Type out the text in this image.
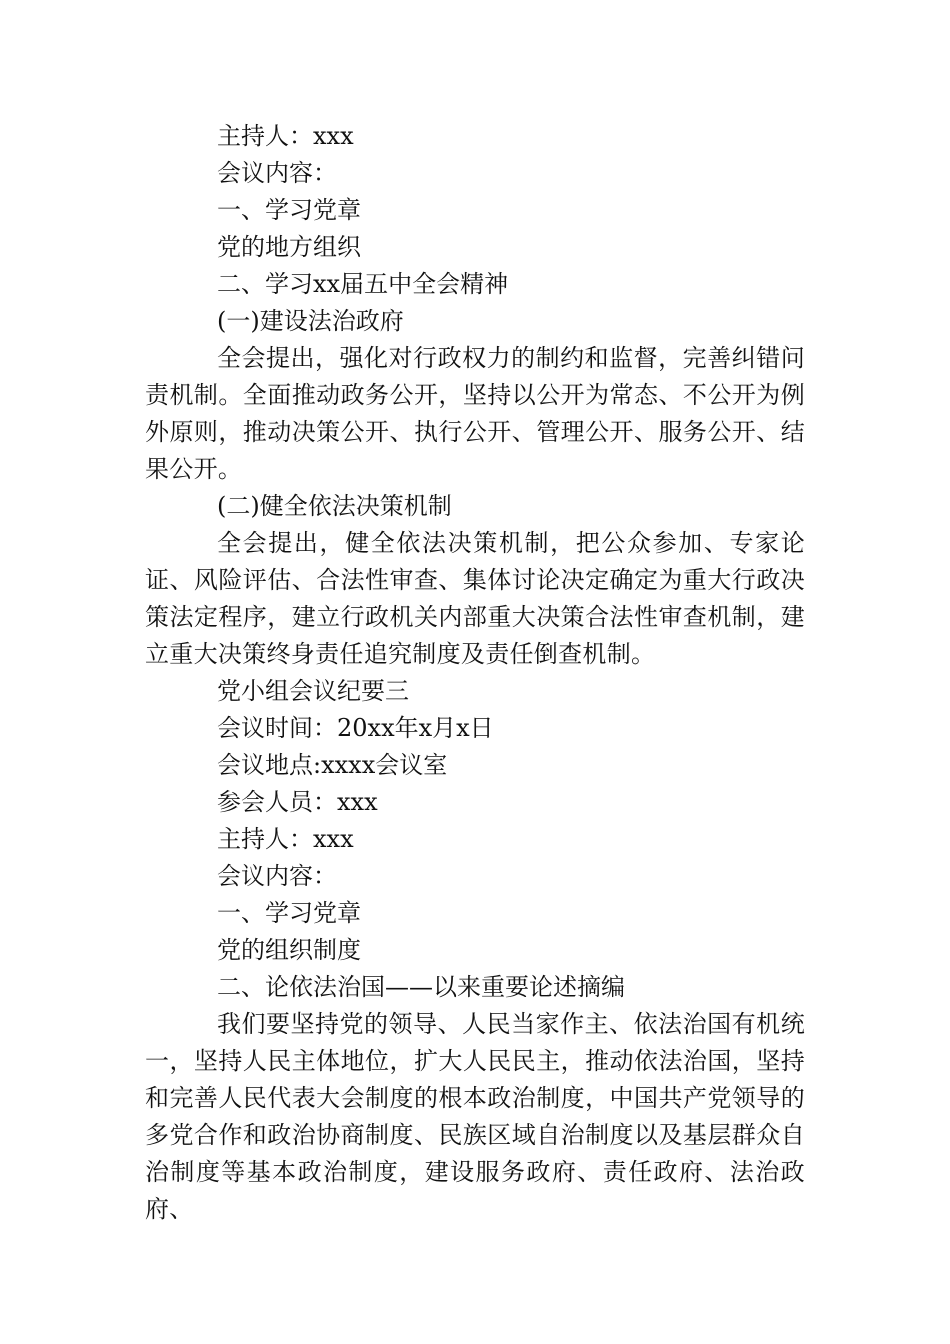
主持人：xxx
会议内容：
一、学习党章
党的地方组织
二、学习xx届五中全会精神
(一)建设法治政府

全会提出，强化对行政权力的制约和监督，完善纠错问责机制。全面推动政务公开，坚持以公开为常态、不公开为例外原则，推动决策公开、执行公开、管理公开、服务公开、结果公开。

(二)健全依法决策机制

全会提出，健全依法决策机制，把公众参加、专家论证、风险评估、合法性审查、集体讨论决定确定为重大行政决策法定程序，建立行政机关内部重大决策合法性审查机制，建立重大决策终身责任追究制度及责任倒查机制。

党小组会议纪要三
会议时间：20xx年x月x日
会议地点:xxxx会议室
参会人员：xxx
主持人：xxx
会议内容：
一、学习党章
党的组织制度
二、论依法治国——以来重要论述摘编

我们要坚持党的领导、人民当家作主、依法治国有机统一，坚持人民主体地位，扩大人民民主，推动依法治国，坚持和完善人民代表大会制度的根本政治制度，中国共产党领导的多党合作和政治协商制度、民族区域自治制度以及基层群众自治制度等基本政治制度，建设服务政府、责任政府、法治政府、
